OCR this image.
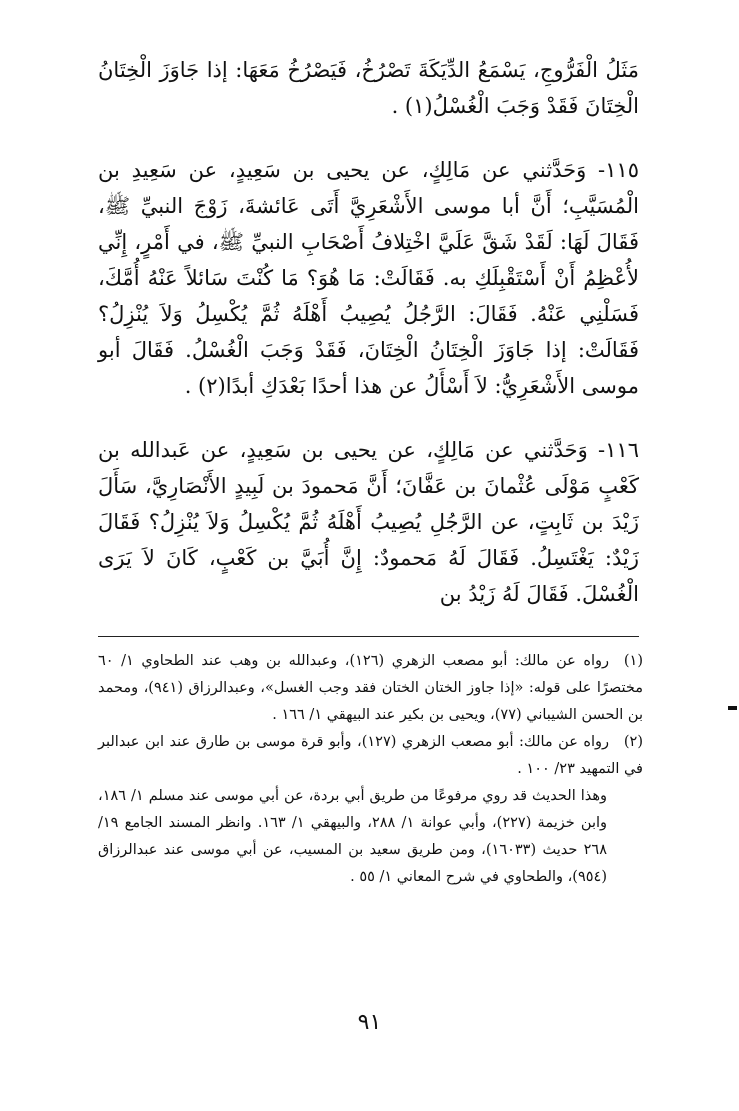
مَثَلُ الْفَرُّوجِ، يَسْمَعُ الدِّيَكَةَ تَصْرُخُ، فَيَصْرُخُ مَعَهَا: إذا جَاوَزَ الْخِتَانُ الْخِتَانَ فَقَدْ وَجَبَ الْغُسْلُ(١) .

١١٥- وَحَدَّثني عن مَالِكٍ، عن يحيى بن سَعِيدٍ، عن سَعِيدِ بن الْمُسَيَّبِ؛ أَنَّ أبا موسى الأَشْعَرِيَّ أَتَى عَائشةَ، زَوْجَ النبيِّ ﷺ، فَقَالَ لَهَا: لَقَدْ شَقَّ عَلَيَّ اخْتِلافُ أَصْحَابِ النبيِّ ﷺ، في أَمْرٍ، إِنِّي لأُعْظِمُ أَنْ أَسْتَقْبِلَكِ به. فَقَالَتْ: مَا هُوَ؟ مَا كُنْتَ سَائلاً عَنْهُ أُمَّكَ، فَسَلْنِي عَنْهُ. فَقَالَ: الرَّجُلُ يُصِيبُ أَهْلَهُ ثُمَّ يُكْسِلُ وَلاَ يُنْزِلُ؟ فَقَالَتْ: إذا جَاوَزَ الْخِتَانُ الْخِتَانَ، فَقَدْ وَجَبَ الْغُسْلُ. فَقَالَ أبو موسى الأَشْعَرِيُّ: لاَ أَسْأَلُ عن هذا أحدًا بَعْدَكِ أبدًا(٢) .

١١٦- وَحَدَّثني عن مَالِكٍ، عن يحيى بن سَعِيدٍ، عن عَبدالله بن كَعْبٍ مَوْلَى عُثْمانَ بن عَفَّانَ؛ أَنَّ مَحمودَ بن لَبِيدٍ الأَنْصَارِيَّ، سَأَلَ زَيْدَ بن ثَابِتٍ، عن الرَّجُلِ يُصِيبُ أَهْلَهُ ثُمَّ يُكْسِلُ وَلاَ يُنْزِلُ؟ فَقَالَ زَيْدٌ: يَغْتَسِلُ. فَقَالَ لَهُ مَحمودٌ: إِنَّ أُبَيَّ بن كَعْبٍ، كَانَ لاَ يَرَى الْغُسْلَ. فَقَالَ لَهُ زَيْدُ بن

(١)رواه عن مالك: أبو مصعب الزهري (١٢٦)، وعبدالله بن وهب عند الطحاوي ١/ ٦٠ مختصرًا على قوله: «إذا جاوز الختان الختان فقد وجب الغسل»، وعبدالرزاق (٩٤١)، ومحمد بن الحسن الشيباني (٧٧)، ويحيى بن بكير عند البيهقي ١/ ١٦٦ .

(٢)رواه عن مالك: أبو مصعب الزهري (١٢٧)، وأبو قرة موسى بن طارق عند ابن عبدالبر في التمهيد ٢٣/ ١٠٠ .

وهذا الحديث قد روي مرفوعًا من طريق أبي بردة، عن أبي موسى عند مسلم ١/ ١٨٦، وابن خزيمة (٢٢٧)، وأبي عوانة ١/ ٢٨٨، والبيهقي ١/ ١٦٣. وانظر المسند الجامع ١٩/ ٢٦٨ حديث (١٦٠٣٣)، ومن طريق سعيد بن المسيب، عن أبي موسى عند عبدالرزاق (٩٥٤)، والطحاوي في شرح المعاني ١/ ٥٥ .

٩١
